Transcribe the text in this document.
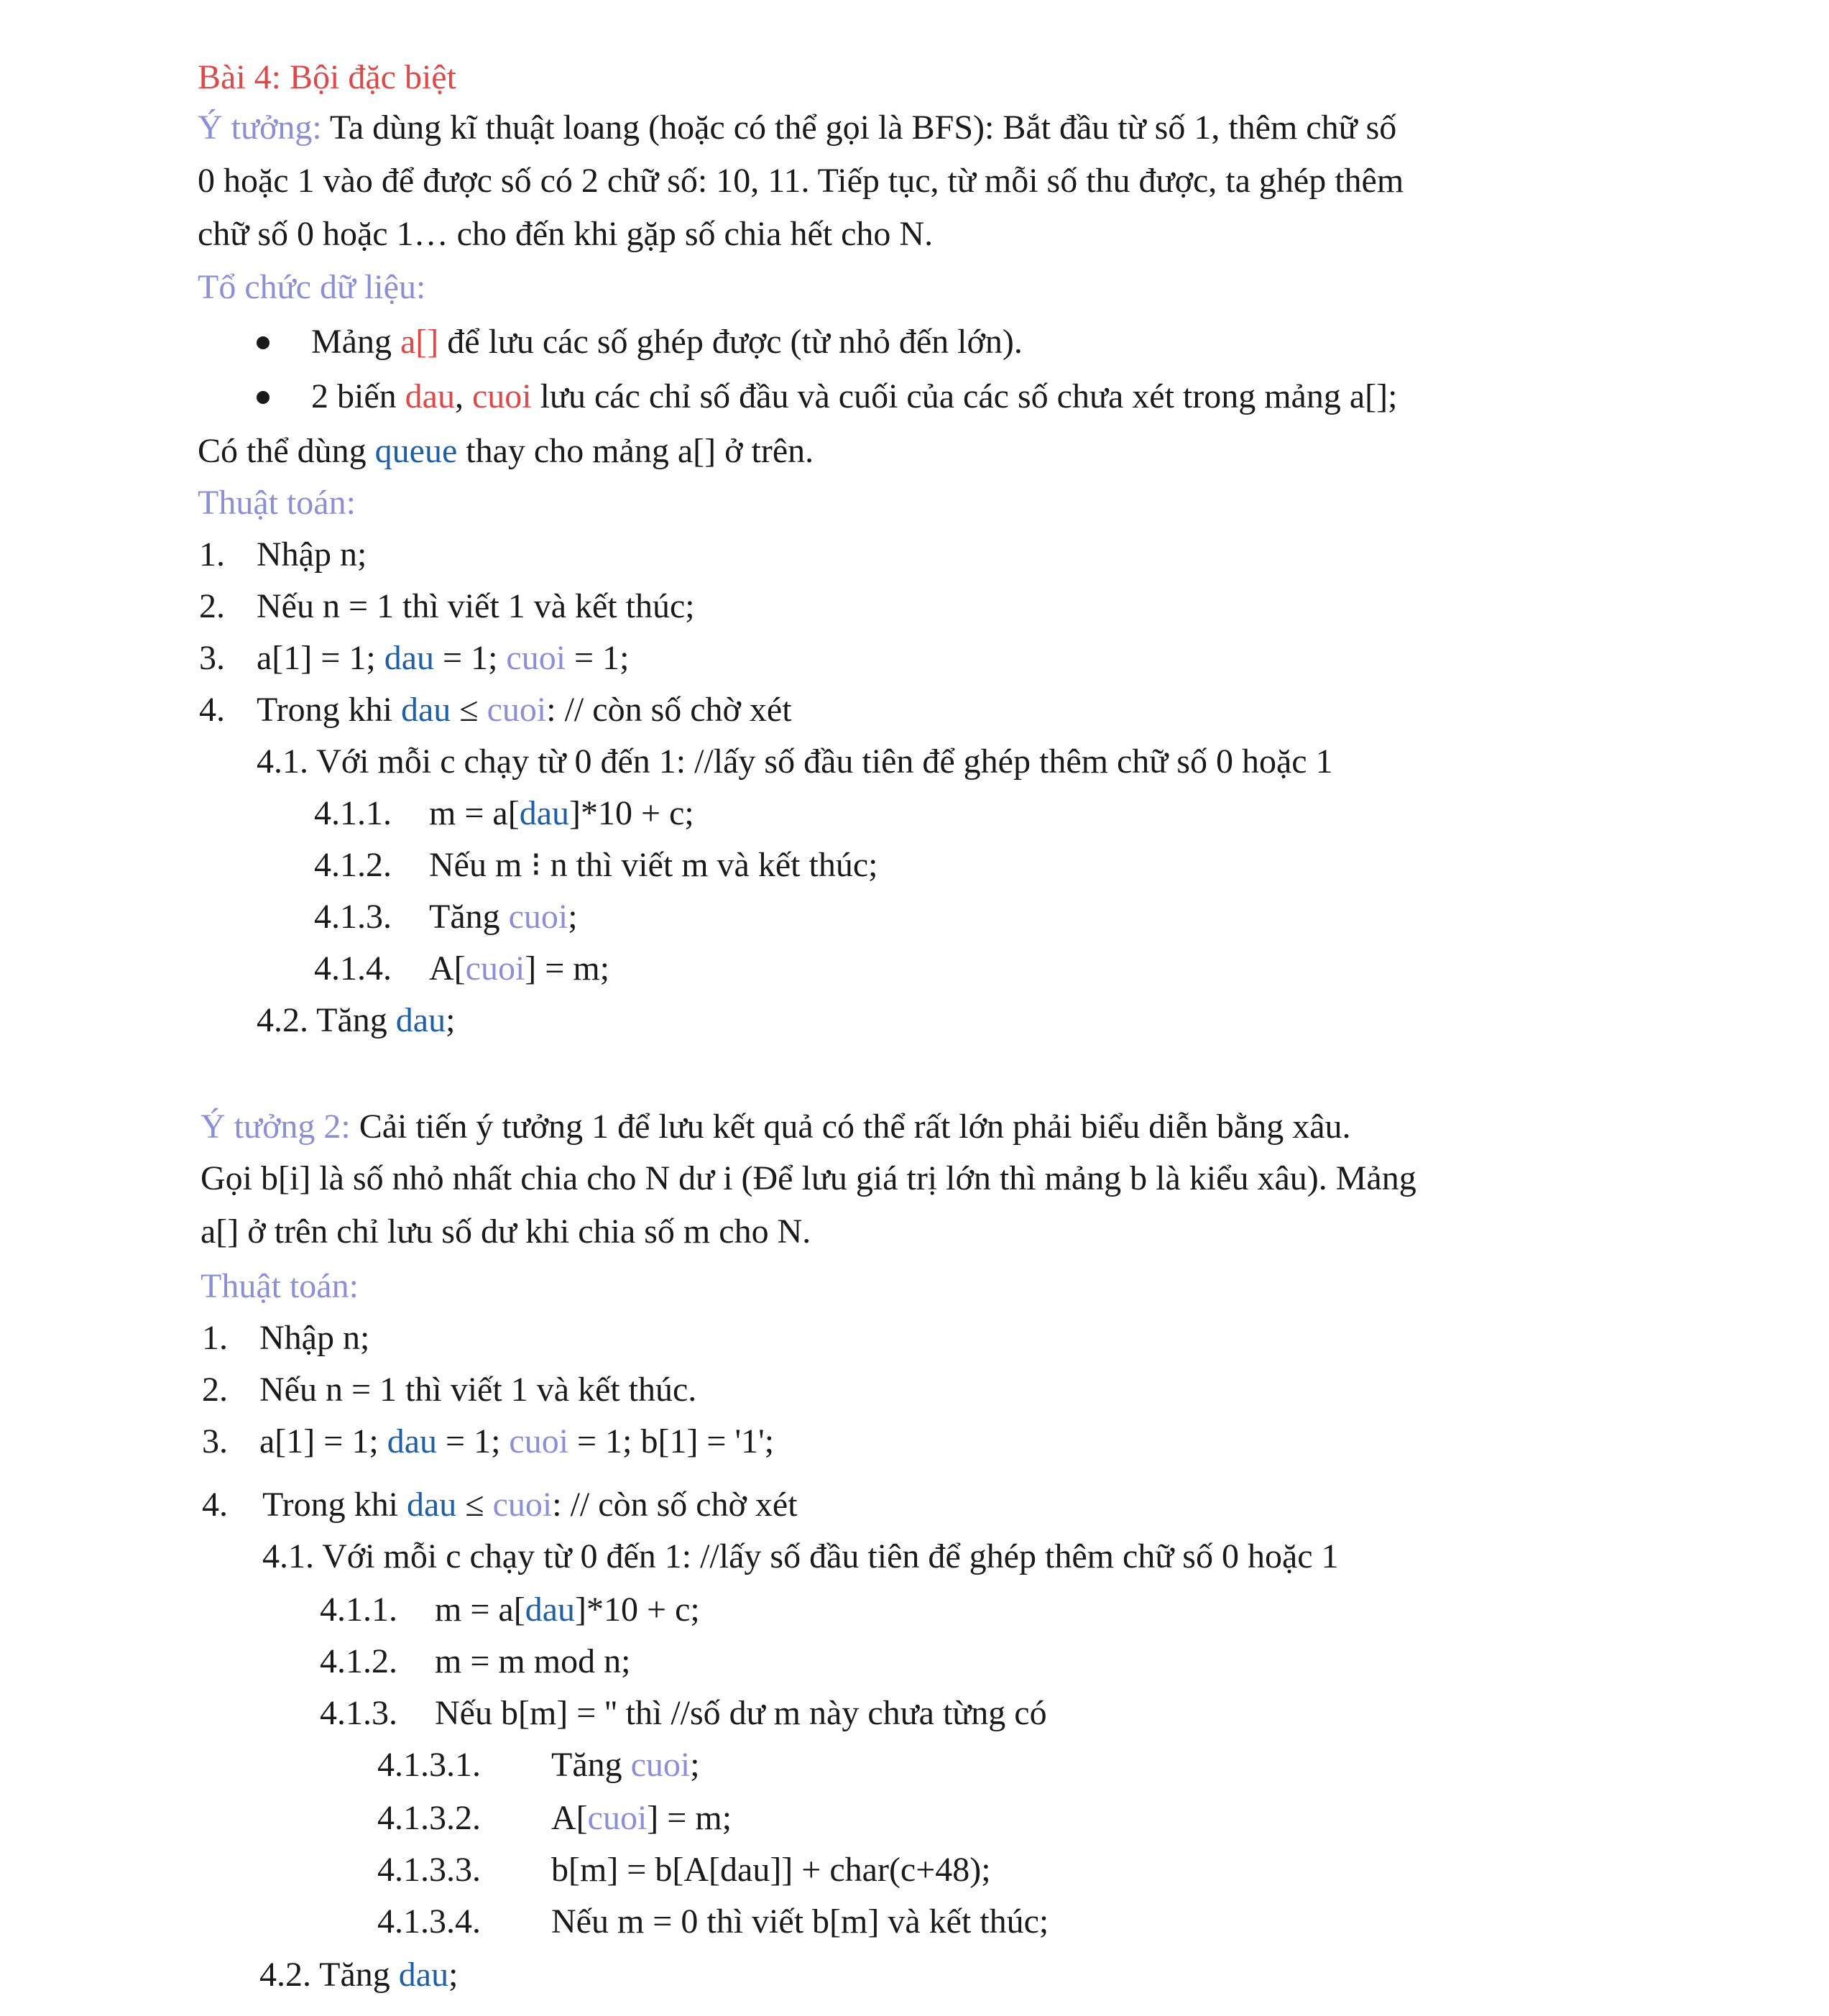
Bài 4: Bội đặc biệt
Ý tưởng: Ta dùng kĩ thuật loang (hoặc có thể gọi là BFS): Bắt đầu từ số 1, thêm chữ số
0 hoặc 1 vào để được số có 2 chữ số: 10, 11. Tiếp tục, từ mỗi số thu được, ta ghép thêm
chữ số 0 hoặc 1… cho đến khi gặp số chia hết cho N.
Tổ chức dữ liệu:
Mảng a[] để lưu các số ghép được (từ nhỏ đến lớn).
2 biến dau, cuoi lưu các chỉ số đầu và cuối của các số chưa xét trong mảng a[];
Có thể dùng queue thay cho mảng a[] ở trên.
Thuật toán:
1. Nhập n;
2. Nếu n = 1 thì viết 1 và kết thúc;
3. a[1] = 1; dau = 1; cuoi = 1;
4. Trong khi dau ≤ cuoi: // còn số chờ xét
4.1. Với mỗi c chạy từ 0 đến 1: //lấy số đầu tiên để ghép thêm chữ số 0 hoặc 1
4.1.1. m = a[dau]*10 + c;
4.1.2. Nếu m ⁝ n thì viết m và kết thúc;
4.1.3. Tăng cuoi;
4.1.4. A[cuoi] = m;
4.2. Tăng dau;
Ý tưởng 2: Cải tiến ý tưởng 1 để lưu kết quả có thể rất lớn phải biểu diễn bằng xâu.
Gọi b[i] là số nhỏ nhất chia cho N dư i (Để lưu giá trị lớn thì mảng b là kiểu xâu). Mảng
a[] ở trên chỉ lưu số dư khi chia số m cho N.
Thuật toán:
1. Nhập n;
2. Nếu n = 1 thì viết 1 và kết thúc.
3. a[1] = 1; dau = 1; cuoi = 1; b[1] = '1';
4. Trong khi dau ≤ cuoi: // còn số chờ xét
4.1. Với mỗi c chạy từ 0 đến 1: //lấy số đầu tiên để ghép thêm chữ số 0 hoặc 1
4.1.1. m = a[dau]*10 + c;
4.1.2. m = m mod n;
4.1.3. Nếu b[m] = '' thì //số dư m này chưa từng có
4.1.3.1. Tăng cuoi;
4.1.3.2. A[cuoi] = m;
4.1.3.3. b[m] = b[A[dau]] + char(c+48);
4.1.3.4. Nếu m = 0 thì viết b[m] và kết thúc;
4.2. Tăng dau;
